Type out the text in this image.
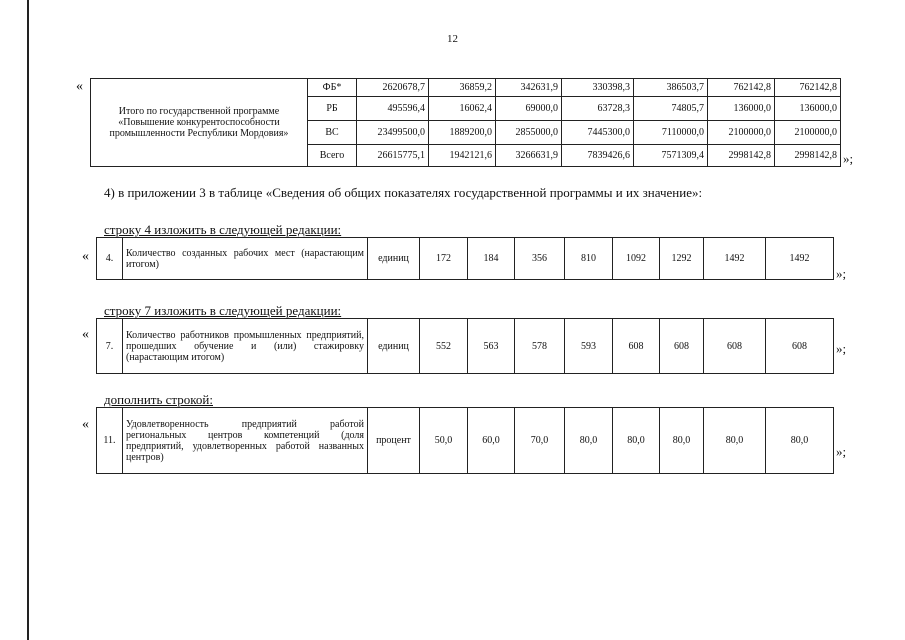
12
«
Итого по государственной программе «Повышение конкурентоспособности промышленности Республики Мордовия»	ФБ*	2620678,7	36859,2	342631,9	330398,3	386503,7	762142,8	762142,8
	РБ	495596,4	16062,4	69000,0	63728,3	74805,7	136000,0	136000,0
	ВС	23499500,0	1889200,0	2855000,0	7445300,0	7110000,0	2100000,0	2100000,0
	Всего	26615775,1	1942121,6	3266631,9	7839426,6	7571309,4	2998142,8	2998142,8 »;
4) в приложении 3 в таблице «Сведения об общих показателях государственной программы и их значение»:
строку 4 изложить в следующей редакции:
« 4.	Количество созданных рабочих мест (нарастающим итогом)	единиц	172	184	356	810	1092	1292	1492	1492
»;
строку 7 изложить в следующей редакции:
«
7.	Количество работников промышленных предприятий, прошедших обучение и (или) стажировку (нарастающим итогом)	единиц	552	563	578	593	608	608	608	608 »;
дополнить строкой:
«
11.	Удовлетворенность предприятий работой региональных центров компетенций (доля предприятий, удовлетворенных работой названных центров)	процент	50,0	60,0	70,0	80,0	80,0	80,0	80,0	80,0
»;
